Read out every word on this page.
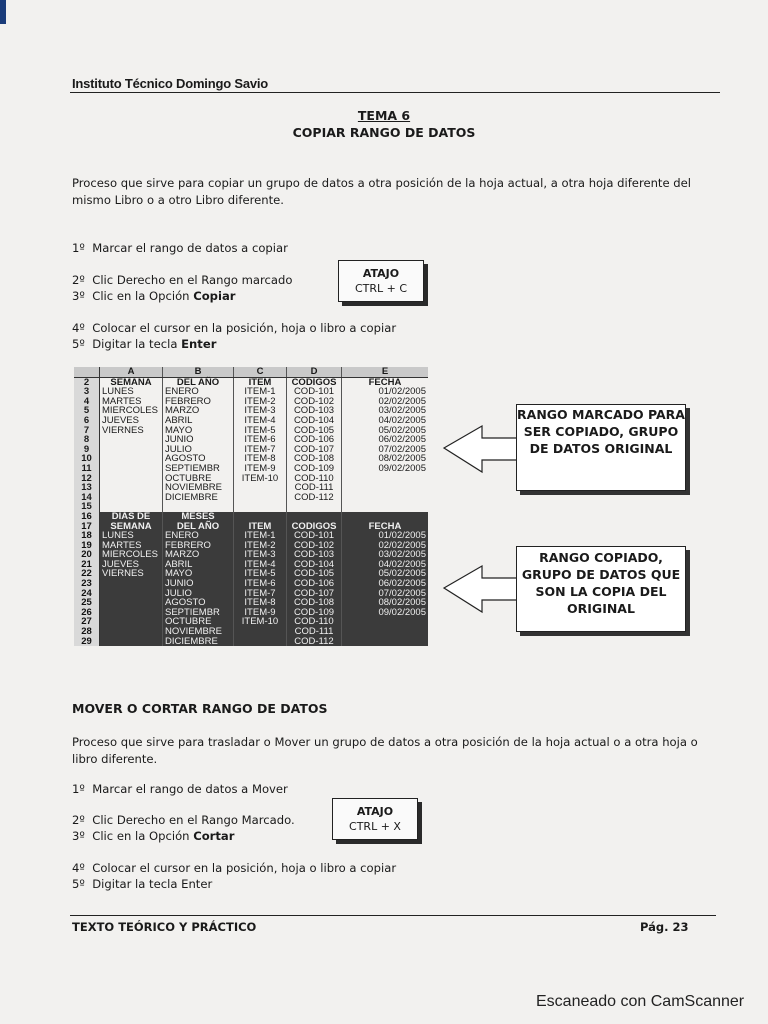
Instituto Técnico Domingo Savio
TEMA 6
COPIAR RANGO DE DATOS
Proceso que sirve para copiar un grupo de datos a otra posición de la hoja actual, a otra hoja diferente del mismo Libro o a otro Libro diferente.
1º Marcar el rango de datos a copiar
2º Clic Derecho en el Rango marcado
3º Clic en la Opción Copiar
4º Colocar el cursor en la posición, hoja o libro a copiar
5º Digitar la tecla Enter
ATAJO
CTRL + C
	A	B	C	D	E
2	SEMANA	DEL AÑO	ITEM	CODIGOS	FECHA
3	LUNES	ENERO	ITEM-1	COD-101	01/02/2005
4	MARTES	FEBRERO	ITEM-2	COD-102	02/02/2005
5	MIERCOLES	MARZO	ITEM-3	COD-103	03/02/2005
6	JUEVES	ABRIL	ITEM-4	COD-104	04/02/2005
7	VIERNES	MAYO	ITEM-5	COD-105	05/02/2005
8		JUNIO	ITEM-6	COD-106	06/02/2005
9		JULIO	ITEM-7	COD-107	07/02/2005
10		AGOSTO	ITEM-8	COD-108	08/02/2005
11		SEPTIEMBR	ITEM-9	COD-109	09/02/2005
12		OCTUBRE	ITEM-10	COD-110	
13		NOVIEMBRE		COD-111	
14		DICIEMBRE		COD-112	
15					
16	DIAS DE	MESES			
17	SEMANA	DEL AÑO	ITEM	CODIGOS	FECHA
18	LUNES	ENERO	ITEM-1	COD-101	01/02/2005
19	MARTES	FEBRERO	ITEM-2	COD-102	02/02/2005
20	MIERCOLES	MARZO	ITEM-3	COD-103	03/02/2005
21	JUEVES	ABRIL	ITEM-4	COD-104	04/02/2005
22	VIERNES	MAYO	ITEM-5	COD-105	05/02/2005
23		JUNIO	ITEM-6	COD-106	06/02/2005
24		JULIO	ITEM-7	COD-107	07/02/2005
25		AGOSTO	ITEM-8	COD-108	08/02/2005
26		SEPTIEMBR	ITEM-9	COD-109	09/02/2005
27		OCTUBRE	ITEM-10	COD-110	
28		NOVIEMBRE		COD-111	
29		DICIEMBRE		COD-112	
RANGO MARCADO PARA SER COPIADO, GRUPO DE DATOS ORIGINAL
RANGO COPIADO, GRUPO DE DATOS QUE SON LA COPIA DEL ORIGINAL
MOVER O CORTAR RANGO DE DATOS
Proceso que sirve para trasladar o Mover un grupo de datos a otra posición de la hoja actual o a otra hoja o libro diferente.
1º Marcar el rango de datos a Mover
2º Clic Derecho en el Rango Marcado.
3º Clic en la Opción Cortar
4º Colocar el cursor en la posición, hoja o libro a copiar
5º Digitar la tecla Enter
ATAJO
CTRL + X
TEXTO TEÓRICO Y PRÁCTICO	Pág. 23
Escaneado con CamScanner
